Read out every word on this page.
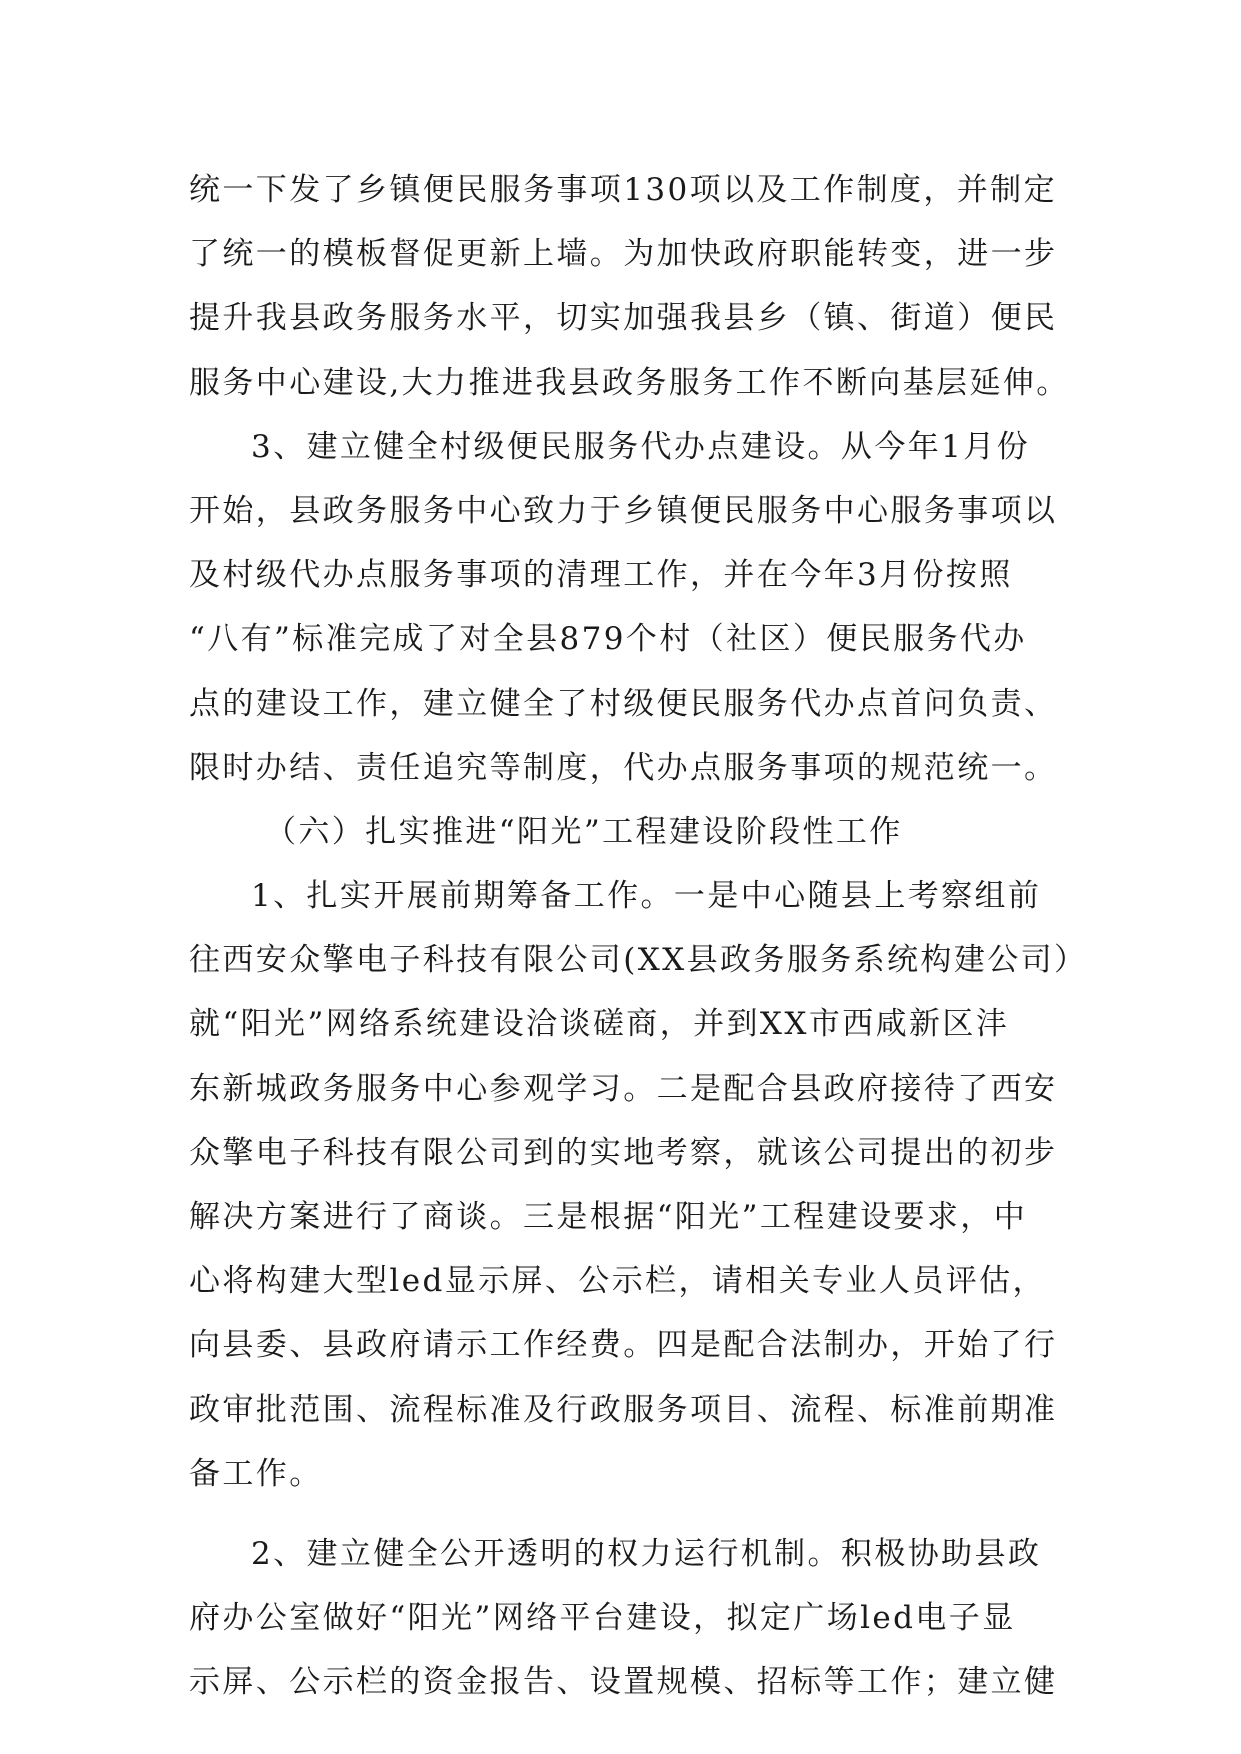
统一下发了乡镇便民服务事项130项以及工作制度，并制定
了统一的模板督促更新上墙。为加快政府职能转变，进一步
提升我县政务服务水平，切实加强我县乡（镇、街道）便民
服务中心建设,大力推进我县政务服务工作不断向基层延伸。
3、建立健全村级便民服务代办点建设。从今年1月份
开始，县政务服务中心致力于乡镇便民服务中心服务事项以
及村级代办点服务事项的清理工作，并在今年3月份按照
“八有”标准完成了对全县879个村（社区）便民服务代办
点的建设工作，建立健全了村级便民服务代办点首问负责、
限时办结、责任追究等制度，代办点服务事项的规范统一。
（六）扎实推进“阳光”工程建设阶段性工作
1、扎实开展前期筹备工作。一是中心随县上考察组前
往西安众擎电子科技有限公司(XX县政务服务系统构建公司）
就“阳光”网络系统建设洽谈磋商，并到XX市西咸新区沣
东新城政务服务中心参观学习。二是配合县政府接待了西安
众擎电子科技有限公司到的实地考察，就该公司提出的初步
解决方案进行了商谈。三是根据“阳光”工程建设要求，中
心将构建大型led显示屏、公示栏，请相关专业人员评估，
向县委、县政府请示工作经费。四是配合法制办，开始了行
政审批范围、流程标准及行政服务项目、流程、标准前期准
备工作。
2、建立健全公开透明的权力运行机制。积极协助县政
府办公室做好“阳光”网络平台建设，拟定广场led电子显
示屏、公示栏的资金报告、设置规模、招标等工作；建立健
